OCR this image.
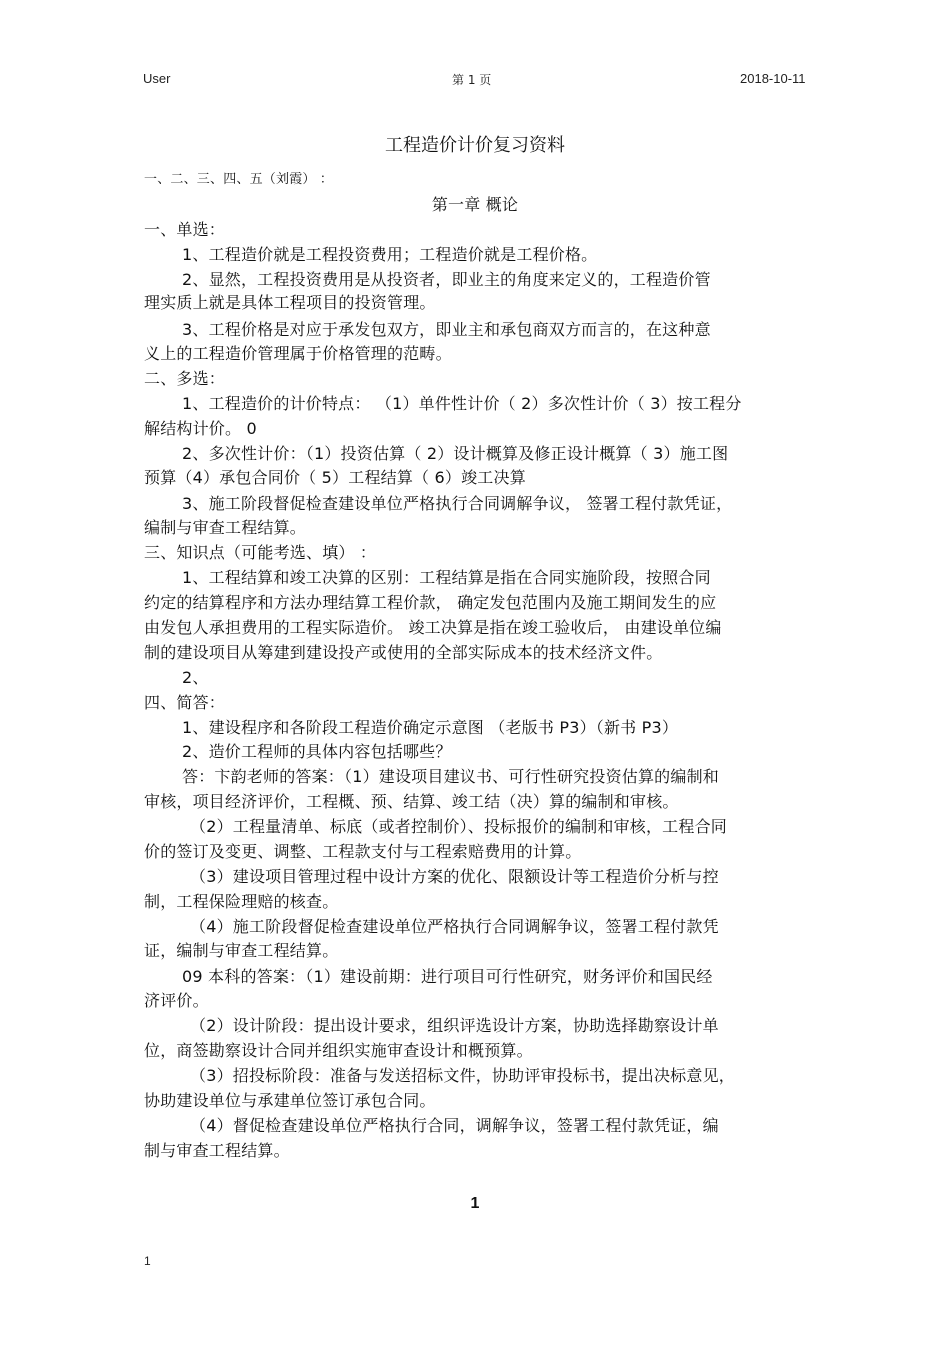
User	第 1 页	2018-10-11
工程造价计价复习资料
一、二、三、四、五（刘霞） ：
第一章 概论
一、单选：
1、工程造价就是工程投资费用；工程造价就是工程价格。
2、显然，工程投资费用是从投资者，即业主的角度来定义的，工程造价管
理实质上就是具体工程项目的投资管理。
3、工程价格是对应于承发包双方，即业主和承包商双方而言的，在这种意
义上的工程造价管理属于价格管理的范畴。
二、多选：
1、工程造价的计价特点： （1）单件性计价（ 2）多次性计价（ 3）按工程分
解结构计价。 0
2、多次性计价：（1）投资估算（ 2）设计概算及修正设计概算（ 3）施工图
预算（4）承包合同价（ 5）工程结算（ 6）竣工决算
3、施工阶段督促检查建设单位严格执行合同调解争议， 签署工程付款凭证，
编制与审查工程结算。
三、知识点（可能考选、填） ：
1、工程结算和竣工决算的区别：工程结算是指在合同实施阶段，按照合同
约定的结算程序和方法办理结算工程价款， 确定发包范围内及施工期间发生的应
由发包人承担费用的工程实际造价。 竣工决算是指在竣工验收后， 由建设单位编
制的建设项目从筹建到建设投产或使用的全部实际成本的技术经济文件。
2、
四、简答：
1、建设程序和各阶段工程造价确定示意图 （老版书 P3）（新书 P3）
2、造价工程师的具体内容包括哪些？
答：卞韵老师的答案：（1）建设项目建议书、可行性研究投资估算的编制和
审核，项目经济评价，工程概、预、结算、竣工结（决）算的编制和审核。
（2）工程量清单、标底（或者控制价）、投标报价的编制和审核，工程合同
价的签订及变更、调整、工程款支付与工程索赔费用的计算。
（3）建设项目管理过程中设计方案的优化、限额设计等工程造价分析与控
制，工程保险理赔的核查。
（4）施工阶段督促检查建设单位严格执行合同调解争议，签署工程付款凭
证，编制与审查工程结算。
09 本科的答案：（1）建设前期：进行项目可行性研究，财务评价和国民经
济评价。
（2）设计阶段：提出设计要求，组织评选设计方案，协助选择勘察设计单
位，商签勘察设计合同并组织实施审查设计和概预算。
（3）招投标阶段：准备与发送招标文件，协助评审投标书，提出决标意见，
协助建设单位与承建单位签订承包合同。
（4）督促检查建设单位严格执行合同，调解争议，签署工程付款凭证，编
制与审查工程结算。
1
1
